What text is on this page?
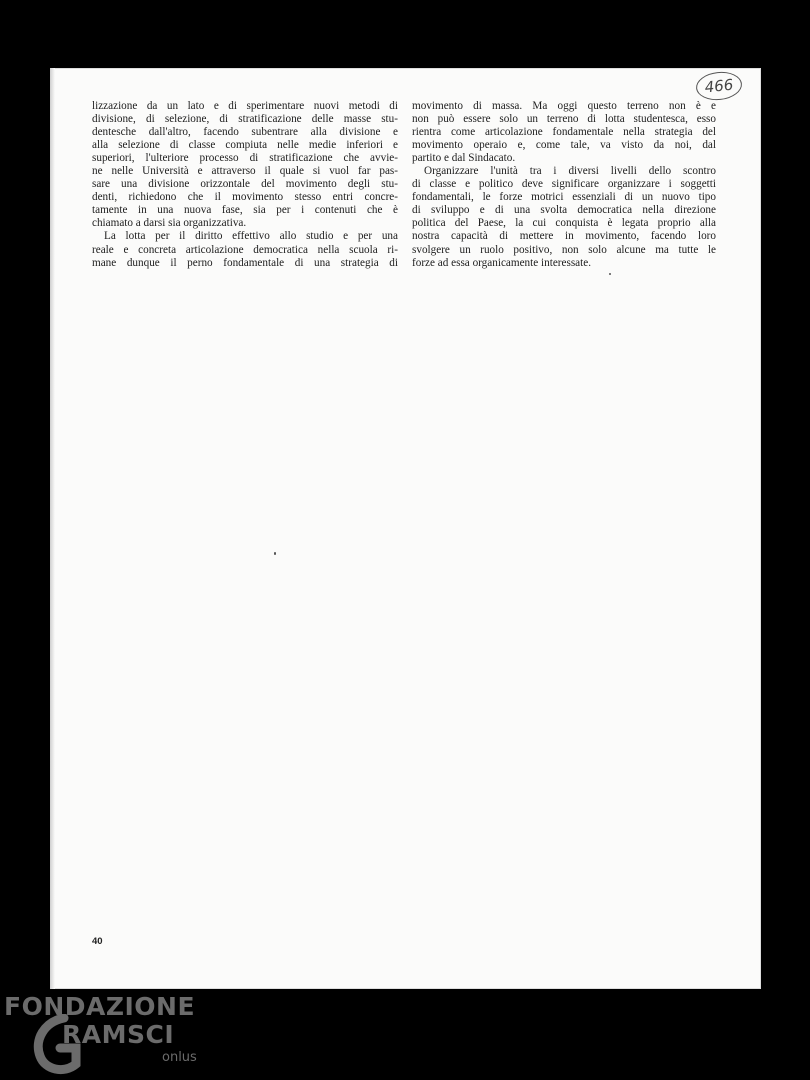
466

lizzazione da un lato e di sperimentare nuovi metodi di
divisione, di selezione, di stratificazione delle masse stu-
dentesche dall'altro, facendo subentrare alla divisione e
alla selezione di classe compiuta nelle medie inferiori e
superiori, l'ulteriore processo di stratificazione che avvie-
ne nelle Università e attraverso il quale si vuol far pas-
sare una divisione orizzontale del movimento degli stu-
denti, richiedono che il movimento stesso entri concre-
tamente in una nuova fase, sia per i contenuti che è
chiamato a darsi sia organizzativa.

La lotta per il diritto effettivo allo studio e per una
reale e concreta articolazione democratica nella scuola ri-
mane dunque il perno fondamentale di una strategia di

movimento di massa. Ma oggi questo terreno non è e
non può essere solo un terreno di lotta studentesca, esso
rientra come articolazione fondamentale nella strategia del
movimento operaio e, come tale, va visto da noi, dal
partito e dal Sindacato.

Organizzare l'unità tra i diversi livelli dello scontro
di classe e politico deve significare organizzare i soggetti
fondamentali, le forze motrici essenziali di un nuovo tipo
di sviluppo e di una svolta democratica nella direzione
politica del Paese, la cui conquista è legata proprio alla
nostra capacità di mettere in movimento, facendo loro
svolgere un ruolo positivo, non solo alcune ma tutte le
forze ad essa organicamente interessate.

40
FONDAZIONE
RAMSCI
onlus
